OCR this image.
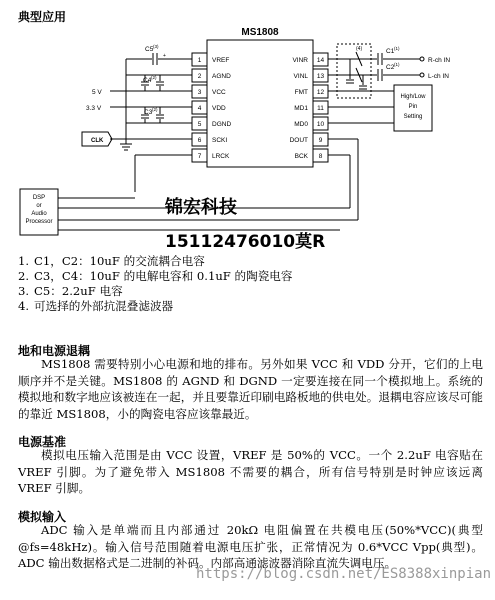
典型应用
MS1808
1 VREF
2 AGND
3 VCC
4 VDD
5 DGND
6 SCKI
7 LRCK
14
VINR
13
VINL
12
FMT
11
MD1
10
MD0
9
DOUT
8
BCK
C5 (3)
+
C4 (2)
C3 (2)
5 V
3.3 V
CLK
DSP
or
Audio
Processor
(4)	C1 (1)
C2 (1)
R-ch IN
L-ch IN
High/Low
Pin
Setting
锦宏科技
15112476010莫R
1. C1，C2：10uF 的交流耦合电容
2. C3，C4：10uF 的电解电容和 0.1uF 的陶瓷电容
3. C5：2.2uF 电容
4. 可选择的外部抗混叠滤波器
地和电源退耦
MS1808 需要特别小心电源和地的排布。另外如果 VCC 和 VDD 分开，它们的上电顺序并不是关键。MS1808 的 AGND 和 DGND 一定要连接在同一个模拟地上。系统的模拟地和数字地应该被连在一起，并且要靠近印刷电路板地的供电处。退耦电容应该尽可能的靠近 MS1808，小的陶瓷电容应该靠最近。
电源基准
模拟电压输入范围是由 VCC 设置，VREF 是 50%的 VCC。一个 2.2uF 电容贴在 VREF 引脚。为了避免带入 MS1808 不需要的耦合，所有信号特别是时钟应该远离 VREF 引脚。
模拟输入
ADC 输入是单端而且内部通过 20kΩ 电阻偏置在共模电压(50%*VCC)(典型@fs=48kHz)。输入信号范围随着电源电压扩张，正常情况为 0.6*VCC Vpp(典型)。ADC 输出数据格式是二进制的补码。内部高通滤波器消除直流失调电压。
https://blog.csdn.net/ES8388xinpian
